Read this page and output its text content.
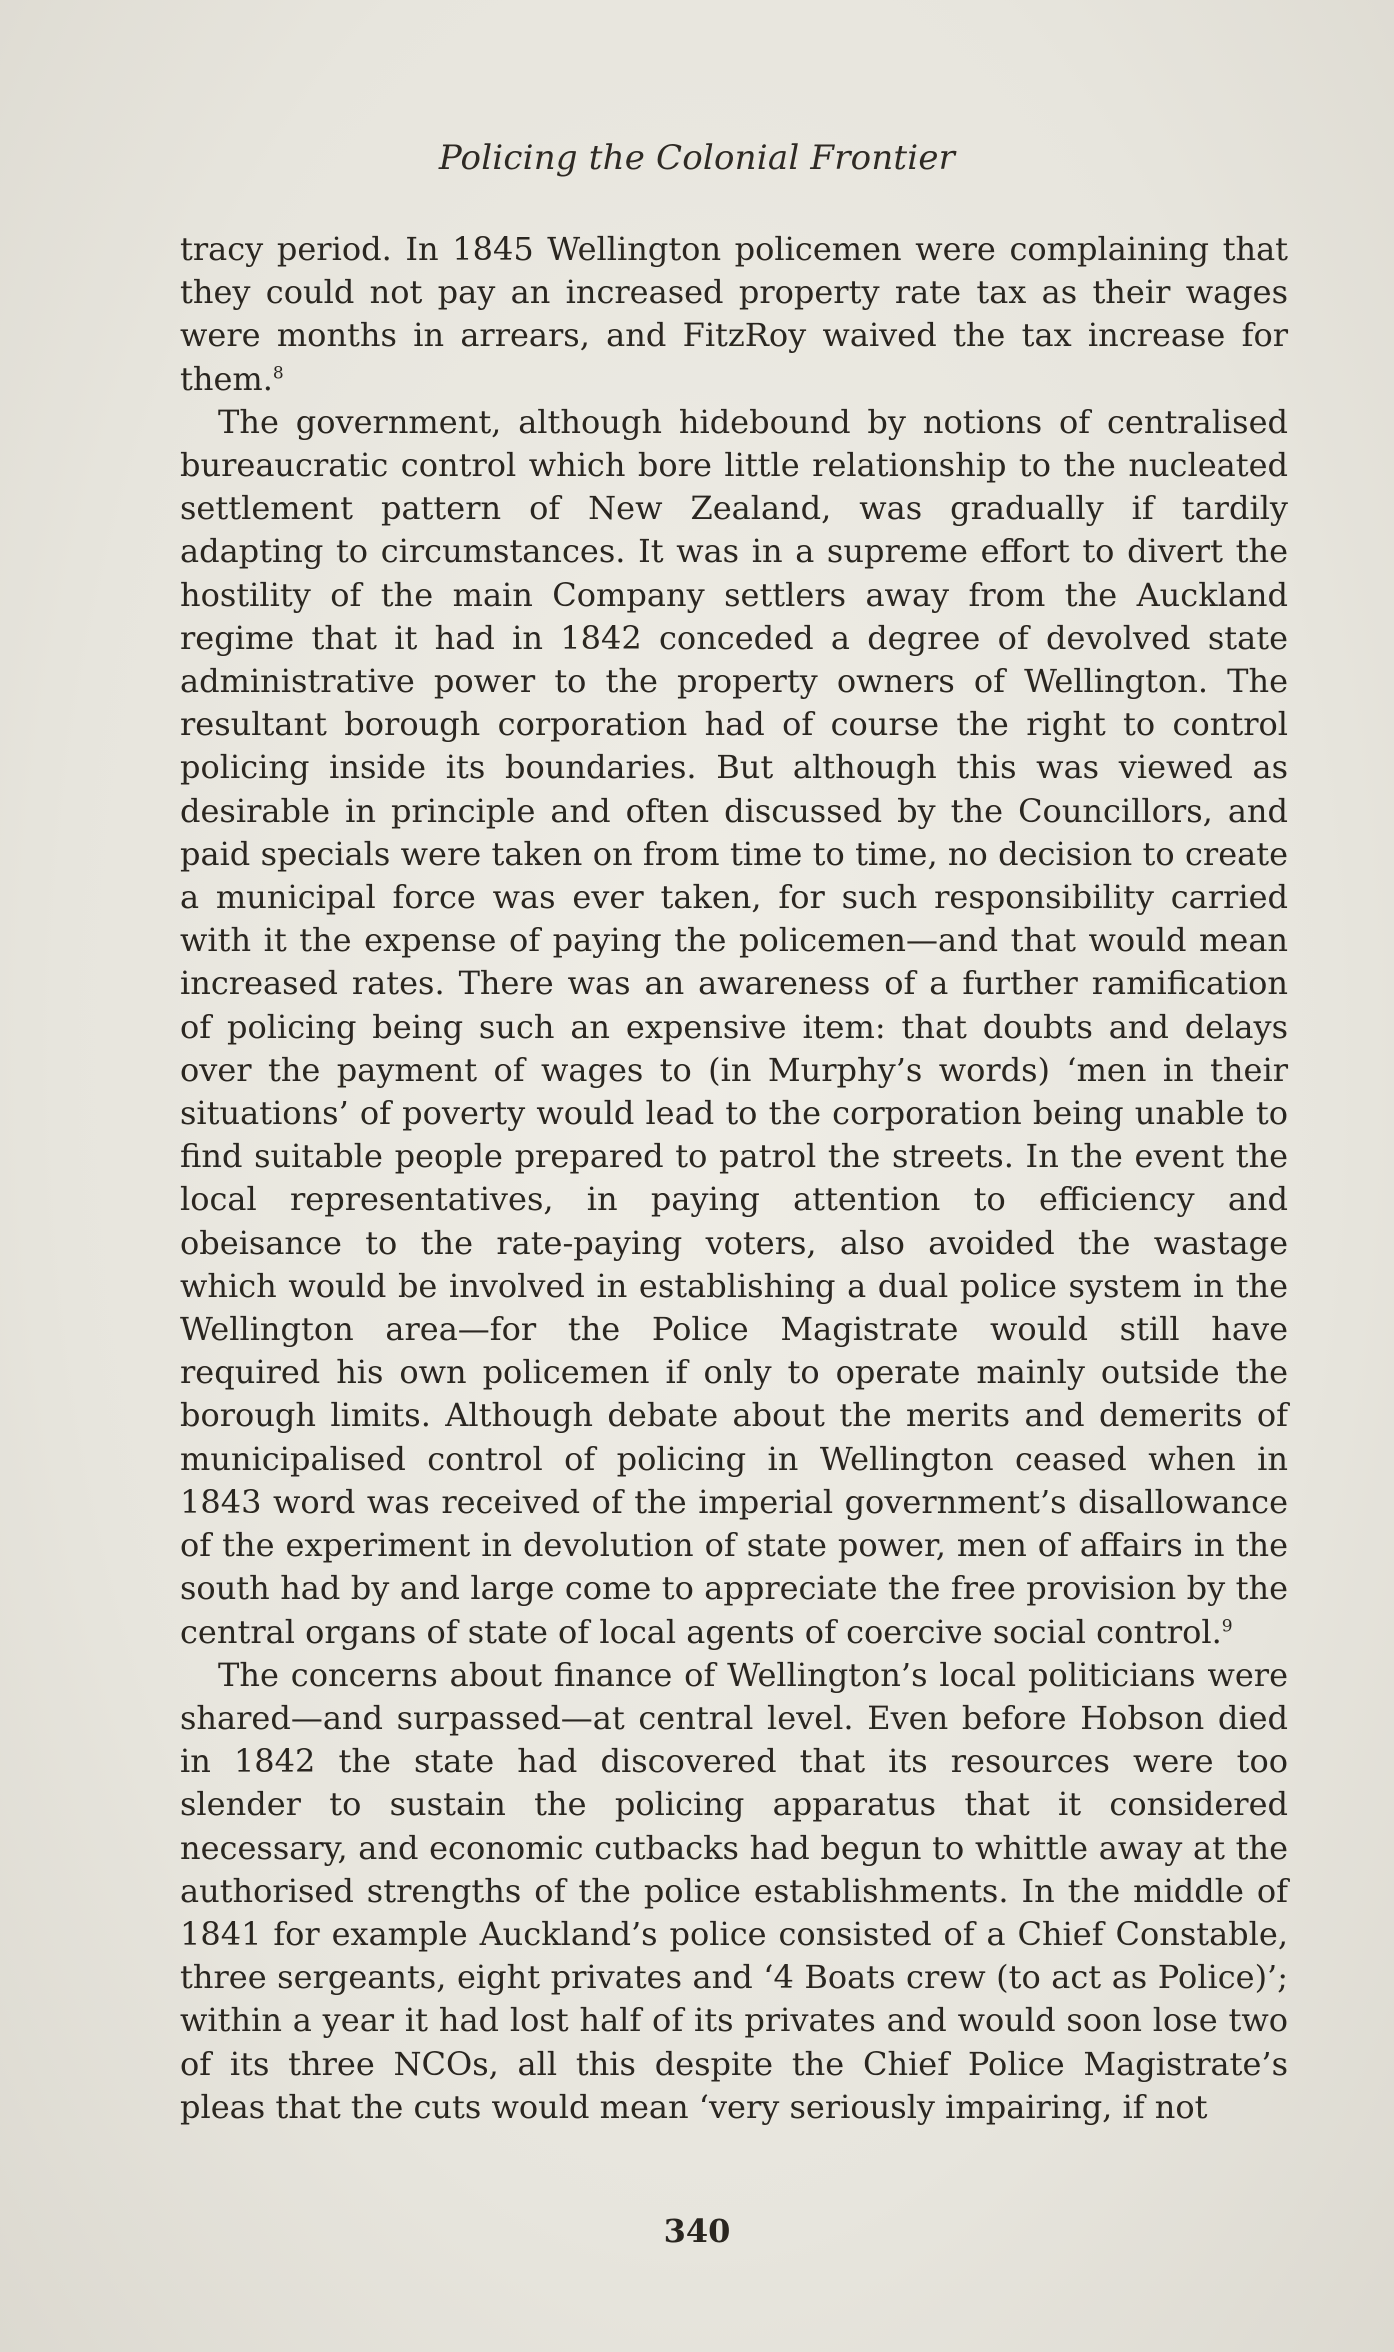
Policing the Colonial Frontier

tracy period. In 1845 Wellington policemen were complaining that they could not pay an increased property rate tax as their wages were months in arrears, and FitzRoy waived the tax increase for them.$^8$

The government, although hidebound by notions of centralised bureaucratic control which bore little relationship to the nucleated settlement pattern of New Zealand, was gradually if tardily adapting to circumstances. It was in a supreme effort to divert the hostility of the main Company settlers away from the Auckland regime that it had in 1842 conceded a degree of devolved state administrative power to the property owners of Wellington. The resultant borough corporation had of course the right to control policing inside its boundaries. But although this was viewed as desirable in principle and often discussed by the Councillors, and paid specials were taken on from time to time, no decision to create a municipal force was ever taken, for such responsibility carried with it the expense of paying the policemen—and that would mean increased rates. There was an awareness of a further ramification of policing being such an expensive item: that doubts and delays over the payment of wages to (in Murphy’s words) ‘men in their situations’ of poverty would lead to the corporation being unable to find suitable people prepared to patrol the streets. In the event the local representatives, in paying attention to efficiency and obeisance to the rate-paying voters, also avoided the wastage which would be involved in establishing a dual police system in the Wellington area—for the Police Magistrate would still have required his own policemen if only to operate mainly outside the borough limits. Although debate about the merits and demerits of municipalised control of policing in Wellington ceased when in 1843 word was received of the imperial government’s disallowance of the experiment in devolution of state power, men of affairs in the south had by and large come to appreciate the free provision by the central organs of state of local agents of coercive social control.$^9$

The concerns about finance of Wellington’s local politicians were shared—and surpassed—at central level. Even before Hobson died in 1842 the state had discovered that its resources were too slender to sustain the policing apparatus that it considered necessary, and economic cutbacks had begun to whittle away at the authorised strengths of the police establishments. In the middle of 1841 for example Auckland’s police consisted of a Chief Constable, three sergeants, eight privates and ‘4 Boats crew (to act as Police)’; within a year it had lost half of its privates and would soon lose two of its three NCOs, all this despite the Chief Police Magistrate’s pleas that the cuts would mean ‘very seriously impairing, if not

340
